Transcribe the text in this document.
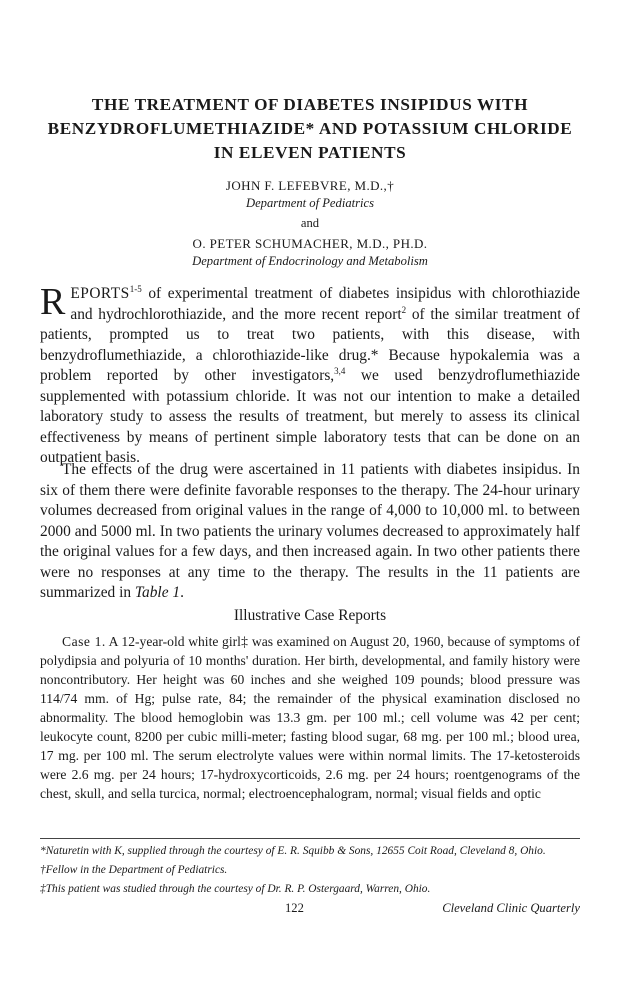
THE TREATMENT OF DIABETES INSIPIDUS WITH BENZYDROFLUMETHIAZIDE* AND POTASSIUM CHLORIDE IN ELEVEN PATIENTS
JOHN F. LEFEBVRE, M.D.,†
Department of Pediatrics
and
O. PETER SCHUMACHER, M.D., PH.D.
Department of Endocrinology and Metabolism

REPORTS$^{1-5}$ of experimental treatment of diabetes insipidus with chlorothiazide and hydrochlorothiazide, and the more recent report$^2$ of the similar treatment of patients, prompted us to treat two patients, with this disease, with benzydroflumethiazide, a chlorothiazide-like drug.* Because hypokalemia was a problem reported by other investigators,$^{3,4}$ we used benzydroflumethiazide supplemented with potassium chloride. It was not our intention to make a detailed laboratory study to assess the results of treatment, but merely to assess its clinical effectiveness by means of pertinent simple laboratory tests that can be done on an outpatient basis.

The effects of the drug were ascertained in 11 patients with diabetes insipidus. In six of them there were definite favorable responses to the therapy. The 24-hour urinary volumes decreased from original values in the range of 4,000 to 10,000 ml. to between 2000 and 5000 ml. In two patients the urinary volumes decreased to approximately half the original values for a few days, and then increased again. In two other patients there were no responses at any time to the therapy. The results in the 11 patients are summarized in Table 1.

Illustrative Case Reports

Case 1. A 12-year-old white girl‡ was examined on August 20, 1960, because of symptoms of polydipsia and polyuria of 10 months' duration. Her birth, developmental, and family history were noncontributory. Her height was 60 inches and she weighed 109 pounds; blood pressure was 114/74 mm. of Hg; pulse rate, 84; the remainder of the physical examination disclosed no abnormality. The blood hemoglobin was 13.3 gm. per 100 ml.; cell volume was 42 per cent; leukocyte count, 8200 per cubic milli-meter; fasting blood sugar, 68 mg. per 100 ml.; blood urea, 17 mg. per 100 ml. The serum electrolyte values were within normal limits. The 17-ketosteroids were 2.6 mg. per 24 hours; 17-hydroxycorticoids, 2.6 mg. per 24 hours; roentgenograms of the chest, skull, and sella turcica, normal; electroencephalogram, normal; visual fields and optic

*Naturetin with K, supplied through the courtesy of E. R. Squibb & Sons, 12655 Coit Road, Cleveland 8, Ohio.

†Fellow in the Department of Pediatrics.

‡This patient was studied through the courtesy of Dr. R. P. Ostergaard, Warren, Ohio.

122	Cleveland Clinic Quarterly
